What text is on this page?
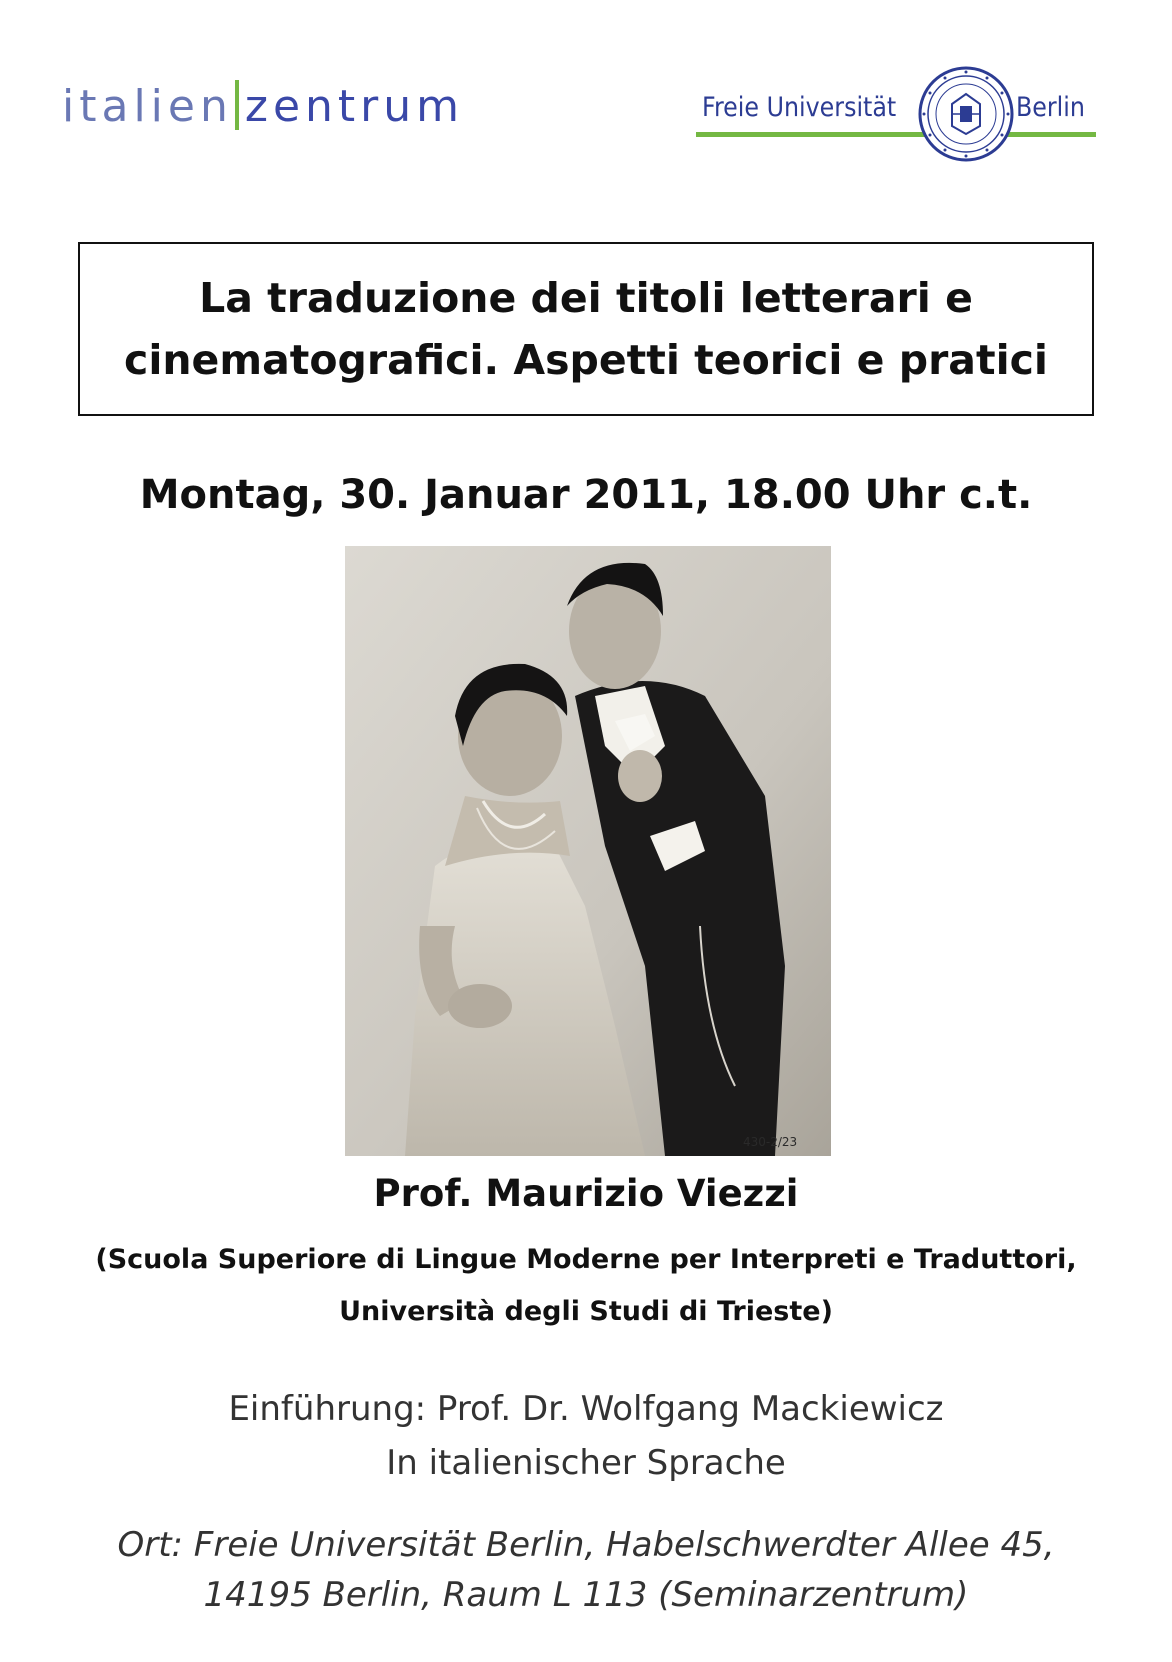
italien zentrum	Freie Universität	Berlin
La traduzione dei titoli letterari e
cinematografici. Aspetti teorici e pratici
Montag, 30. Januar 2011, 18.00 Uhr c.t.
430-2/23
Prof. Maurizio Viezzi
(Scuola Superiore di Lingue Moderne per Interpreti e Traduttori,
Università degli Studi di Trieste)
Einführung: Prof. Dr. Wolfgang Mackiewicz
In italienischer Sprache
Ort: Freie Universität Berlin, Habelschwerdter Allee 45,
14195 Berlin, Raum L 113 (Seminarzentrum)
